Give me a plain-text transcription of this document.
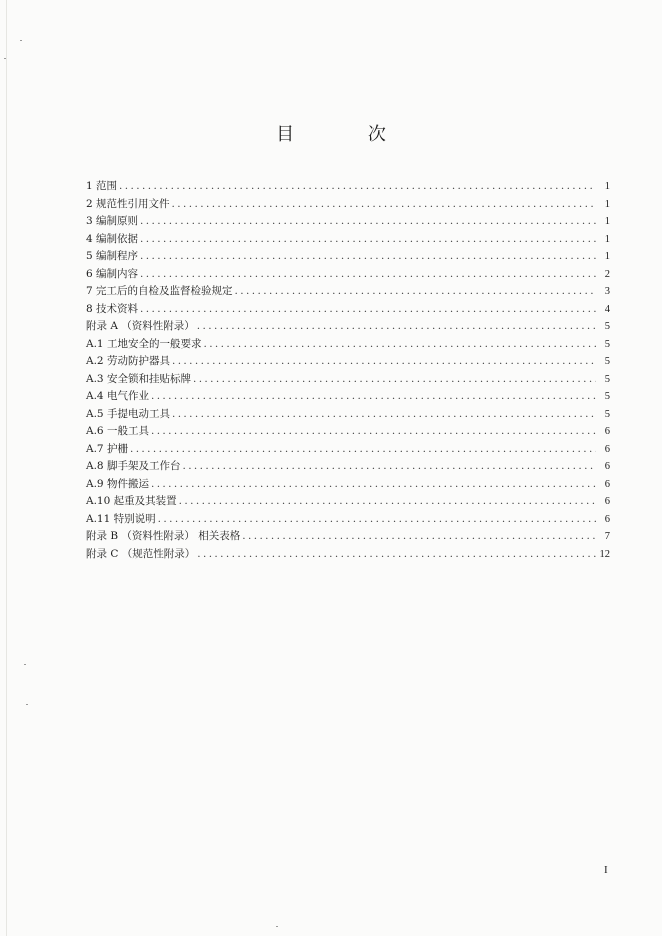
目 次
1 范围 .....	1
2 规范性引用文件 .....	1
3 编制原则 .....	1
4 编制依据 .....	1
5 编制程序 .....	1
6 编制内容 .....	2
7 完工后的自检及监督检验规定 .....	3
8 技术资料 .....	4
附录 A （资料性附录） .....	5
A.1 工地安全的一般要求 .....	5
A.2 劳动防护器具 .....	5
A.3 安全锁和挂贴标牌 .....	5
A.4 电气作业 .....	5
A.5 手提电动工具 .....	5
A.6 一般工具 .....	6
A.7 护栅 .....	6
A.8 脚手架及工作台 .....	6
A.9 物件搬运 .....	6
A.10 起重及其装置 .....	6
A.11 特别说明 .....	6
附录 B （资料性附录） 相关表格 .....	7
附录 C （规范性附录） .....	12
I
